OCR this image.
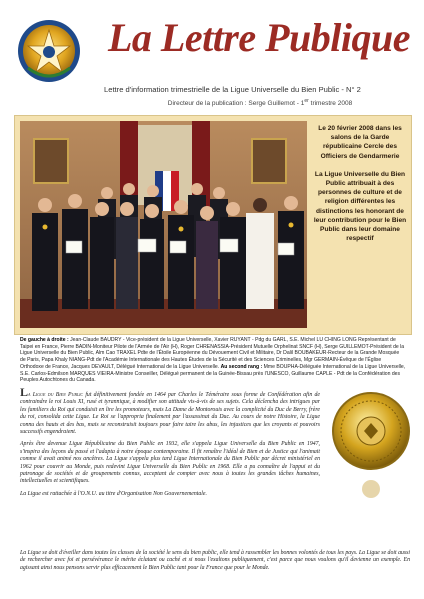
La Lettre Publique
Lettre d'information trimestrielle de la Ligue Universelle du Bien Public - N° 2
Directeur de la publication : Serge Guillemot - 1er trimestre 2008

Le 20 février 2008 dans les salons de la Garde républicaine Cercle des Officiers de Gendarmerie

La Ligue Universelle du Bien Public attribuait à des personnes de culture et de religion différentes les distinctions les honorant de leur contribution pour le Bien Public dans leur domaine respectif

De gauche à droite : Jean-Claude BAUDRY - Vice-président de la Ligue Universelle, Xavier RUYANT - Pdg du GARL, S.E. Michel LU CHING LONG Représentant de Taipei en France, Pierre BADIN-Moniteur Pilote de l'Armée de l'Air (H), Roger CHRENASSIA-Président Mutuelle Orphelinat SNCF (H), Serge GUILLEMOT-Président de la Ligue Universelle du Bien Public, Alm Cao TRAXEL Pdte de l'Étoile Européenne du Dévouement Civil et Militaire, Dr Dalil BOUBAKEUR-Recteur de la Grande Mosquée de Paris, Papa Khaly NIANG-Pdt de l'Académie Internationale des Hautes Études de la Sécurité et des Sciences Criminelles, Mgr GERMAIN-Évêque de l'Église Orthodoxe de France, Jacques DEVAULT, Délégué International de la Ligue Universelle. Au second rang : Mme BOUPHA-Déléguée International de la Ligue Universelle, S.E. Carlos-Edmilson MARQUES VIEIRA-Ministre Conseiller, Délégué permanent de la Guinée-Bissau près l'UNESCO, Guillaume CAPLE - Pdt de la Confédération des Peuples Autochtones du Canada.

La Ligue du Bien Public fut définitivement fondée en 1464 par Charles le Téméraire sous forme de Confédération afin de contraindre le roi Louis XI, rusé et tyrannique, à modifier son attitude vis-à-vis de ses sujets. Cela déclencha des intrigues par les familiers du Roi qui conduisit en lire les promoteurs, mais La Dame de Montorouis avec la complicité du Duc de Berry, frère du roi, consolida cette Ligue. Le Roi se l'appropria finalement par l'assassinat du Duc. Au cours de notre Histoire, la Ligue connu des hauts et des bas, mais se reconstruisit toujours pour faire taire les abus, les injustices que les croyants et pouvoirs successifs engendraient.

Après être devenue Ligue Républicaine du Bien Public en 1932, elle s'appela Ligue Universelle du Bien Public en 1947, s'inspira des leçons du passé et l'adapta à notre époque contemporaine. Il fit renaître l'idéal de Bien et de Justice qui l'animait comme il avait animé nos ancêtres. La Ligue s'appela plus tard Ligue Internationale du Bien Public par décret ministériel en 1962 pour couvrir au Monde, puis redevint Ligue Universelle du Bien Public en 1968. Elle a pu connaître de l'appui et du patronage de sociétés et de groupements connus, acceptant de compter avec nous à toutes les grandes tâches humaines, intellectuelles et scientifiques.

La Ligue est rattachée à l'O.N.U. au titre d'Organisation Non Gouvernementale.

La Ligue se doit d'éveiller dans toutes les classes de la société le sens du bien public, elle tend à rassembler les bonnes volontés de tous les pays. La Ligue se doit aussi de rechercher avec foi et persévérance le mérite éclatant ou caché et si nous l'exaltons publiquement, c'est parce que nous voulons qu'il devienne un exemple. En agissant ainsi nous pensons servir plus efficacement le Bien Public tant pour la France que pour le Monde.
